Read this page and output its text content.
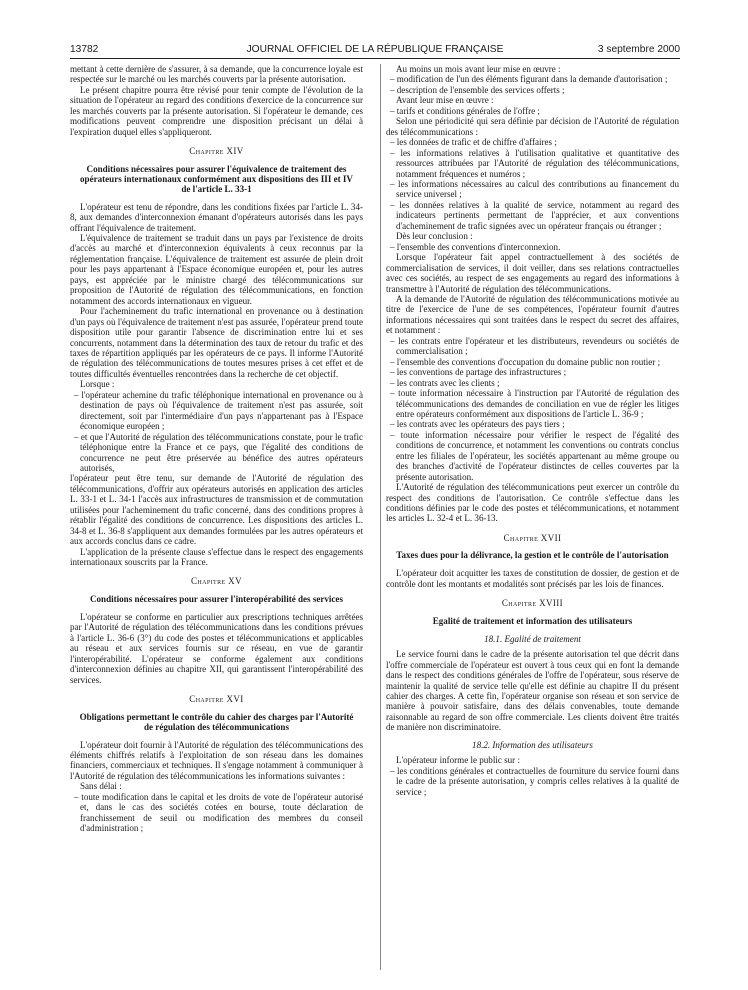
13782	JOURNAL OFFICIEL DE LA RÉPUBLIQUE FRANÇAISE	3 septembre 2000

mettant à cette dernière de s'assurer, à sa demande, que la concurrence loyale est respectée sur le marché ou les marchés couverts par la présente autorisation.

Le présent chapitre pourra être révisé pour tenir compte de l'évolution de la situation de l'opérateur au regard des conditions d'exercice de la concurrence sur les marchés couverts par la présente autorisation. Si l'opérateur le demande, ces modifications peuvent comprendre une disposition précisant un délai à l'expiration duquel elles s'appliqueront.

Chapitre XIV

Conditions nécessaires pour assurer l'équivalence de traitement des opérateurs internationaux conformément aux dispositions des III et IV de l'article L. 33-1

L'opérateur est tenu de répondre, dans les conditions fixées par l'article L. 34-8, aux demandes d'interconnexion émanant d'opérateurs autorisés dans les pays offrant l'équivalence de traitement.

L'équivalence de traitement se traduit dans un pays par l'existence de droits d'accès au marché et d'interconnexion équivalents à ceux reconnus par la réglementation française. L'équivalence de traitement est assurée de plein droit pour les pays appartenant à l'Espace économique européen et, pour les autres pays, est appréciée par le ministre chargé des télécommunications sur proposition de l'Autorité de régulation des télécommunications, en fonction notamment des accords internationaux en vigueur.

Pour l'acheminement du trafic international en provenance ou à destination d'un pays où l'équivalence de traitement n'est pas assurée, l'opérateur prend toute disposition utile pour garantir l'absence de discrimination entre lui et ses concurrents, notamment dans la détermination des taux de retour du trafic et des taxes de répartition appliqués par les opérateurs de ce pays. Il informe l'Autorité de régulation des télécommunications de toutes mesures prises à cet effet et de toutes difficultés éventuelles rencontrées dans la recherche de cet objectif.

Lorsque :

– l'opérateur achemine du trafic téléphonique international en provenance ou à destination de pays où l'équivalence de traitement n'est pas assurée, soit directement, soit par l'intermédiaire d'un pays n'appartenant pas à l'Espace économique européen ;

– et que l'Autorité de régulation des télécommunications constate, pour le trafic téléphonique entre la France et ce pays, que l'égalité des conditions de concurrence ne peut être préservée au bénéfice des autres opérateurs autorisés,

l'opérateur peut être tenu, sur demande de l'Autorité de régulation des télécommunications, d'offrir aux opérateurs autorisés en application des articles L. 33-1 et L. 34-1 l'accès aux infrastructures de transmission et de commutation utilisées pour l'acheminement du trafic concerné, dans des conditions propres à rétablir l'égalité des conditions de concurrence. Les dispositions des articles L. 34-8 et L. 36-8 s'appliquent aux demandes formulées par les autres opérateurs et aux accords conclus dans ce cadre.

L'application de la présente clause s'effectue dans le respect des engagements internationaux souscrits par la France.

Chapitre XV

Conditions nécessaires pour assurer l'interopérabilité des services

L'opérateur se conforme en particulier aux prescriptions techniques arrêtées par l'Autorité de régulation des télécommunications dans les conditions prévues à l'article L. 36-6 (3°) du code des postes et télécommunications et applicables au réseau et aux services fournis sur ce réseau, en vue de garantir l'interopérabilité. L'opérateur se conforme également aux conditions d'interconnexion définies au chapitre XII, qui garantissent l'interopérabilité des services.

Chapitre XVI

Obligations permettant le contrôle du cahier des charges par l'Autorité de régulation des télécommunications

L'opérateur doit fournir à l'Autorité de régulation des télécommunications des éléments chiffrés relatifs à l'exploitation de son réseau dans les domaines financiers, commerciaux et techniques. Il s'engage notamment à communiquer à l'Autorité de régulation des télécommunications les informations suivantes :

Sans délai :

– toute modification dans le capital et les droits de vote de l'opérateur autorisé et, dans le cas des sociétés cotées en bourse, toute déclaration de franchissement de seuil ou modification des membres du conseil d'administration ;

Au moins un mois avant leur mise en œuvre :

– modification de l'un des éléments figurant dans la demande d'autorisation ;

– description de l'ensemble des services offerts ;

Avant leur mise en œuvre :

– tarifs et conditions générales de l'offre ;

Selon une périodicité qui sera définie par décision de l'Autorité de régulation des télécommunications :

– les données de trafic et de chiffre d'affaires ;

– les informations relatives à l'utilisation qualitative et quantitative des ressources attribuées par l'Autorité de régulation des télécommunications, notamment fréquences et numéros ;

– les informations nécessaires au calcul des contributions au financement du service universel ;

– les données relatives à la qualité de service, notamment au regard des indicateurs pertinents permettant de l'apprécier, et aux conventions d'acheminement de trafic signées avec un opérateur français ou étranger ;

Dès leur conclusion :

– l'ensemble des conventions d'interconnexion.

Lorsque l'opérateur fait appel contractuellement à des sociétés de commercialisation de services, il doit veiller, dans ses relations contractuelles avec ces sociétés, au respect de ses engagements au regard des informations à transmettre à l'Autorité de régulation des télécommunications.

A la demande de l'Autorité de régulation des télécommunications motivée au titre de l'exercice de l'une de ses compétences, l'opérateur fournit d'autres informations nécessaires qui sont traitées dans le respect du secret des affaires, et notamment :

– les contrats entre l'opérateur et les distributeurs, revendeurs ou sociétés de commercialisation ;

– l'ensemble des conventions d'occupation du domaine public non routier ;

– les conventions de partage des infrastructures ;

– les contrats avec les clients ;

– toute information nécessaire à l'instruction par l'Autorité de régulation des télécommunications des demandes de conciliation en vue de régler les litiges entre opérateurs conformément aux dispositions de l'article L. 36-9 ;

– les contrats avec les opérateurs des pays tiers ;

– toute information nécessaire pour vérifier le respect de l'égalité des conditions de concurrence, et notamment les conventions ou contrats conclus entre les filiales de l'opérateur, les sociétés appartenant au même groupe ou des branches d'activité de l'opérateur distinctes de celles couvertes par la présente autorisation.

L'Autorité de régulation des télécommunications peut exercer un contrôle du respect des conditions de l'autorisation. Ce contrôle s'effectue dans les conditions définies par le code des postes et télécommunications, et notamment les articles L. 32-4 et L. 36-13.

Chapitre XVII

Taxes dues pour la délivrance, la gestion et le contrôle de l'autorisation

L'opérateur doit acquitter les taxes de constitution de dossier, de gestion et de contrôle dont les montants et modalités sont précisés par les lois de finances.

Chapitre XVIII

Egalité de traitement et information des utilisateurs

18.1. Egalité de traitement

Le service fourni dans le cadre de la présente autorisation tel que décrit dans l'offre commerciale de l'opérateur est ouvert à tous ceux qui en font la demande dans le respect des conditions générales de l'offre de l'opérateur, sous réserve de maintenir la qualité de service telle qu'elle est définie au chapitre II du présent cahier des charges. A cette fin, l'opérateur organise son réseau et son service de manière à pouvoir satisfaire, dans des délais convenables, toute demande raisonnable au regard de son offre commerciale. Les clients doivent être traités de manière non discriminatoire.

18.2. Information des utilisateurs

L'opérateur informe le public sur :

– les conditions générales et contractuelles de fourniture du service fourni dans le cadre de la présente autorisation, y compris celles relatives à la qualité de service ;
